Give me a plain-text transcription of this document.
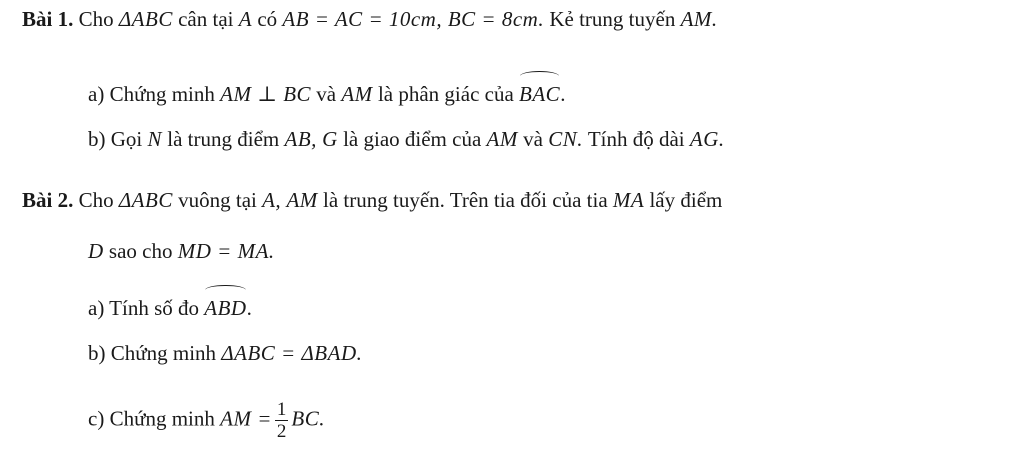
Bài 1. Cho ΔABC cân tại A có AB = AC = 10cm, BC = 8cm. Kẻ trung tuyến AM.
a) Chứng minh AM ⊥ BC và AM là phân giác của BAC.
b) Gọi N là trung điểm AB, G là giao điểm của AM và CN. Tính độ dài AG.
Bài 2. Cho ΔABC vuông tại A, AM là trung tuyến. Trên tia đối của tia MA lấy điểm
D sao cho MD = MA.
a) Tính số đo ABD.
b) Chứng minh ΔABC = ΔBAD.
c) Chứng minh AM = $\frac{1}{2}$ BC.
